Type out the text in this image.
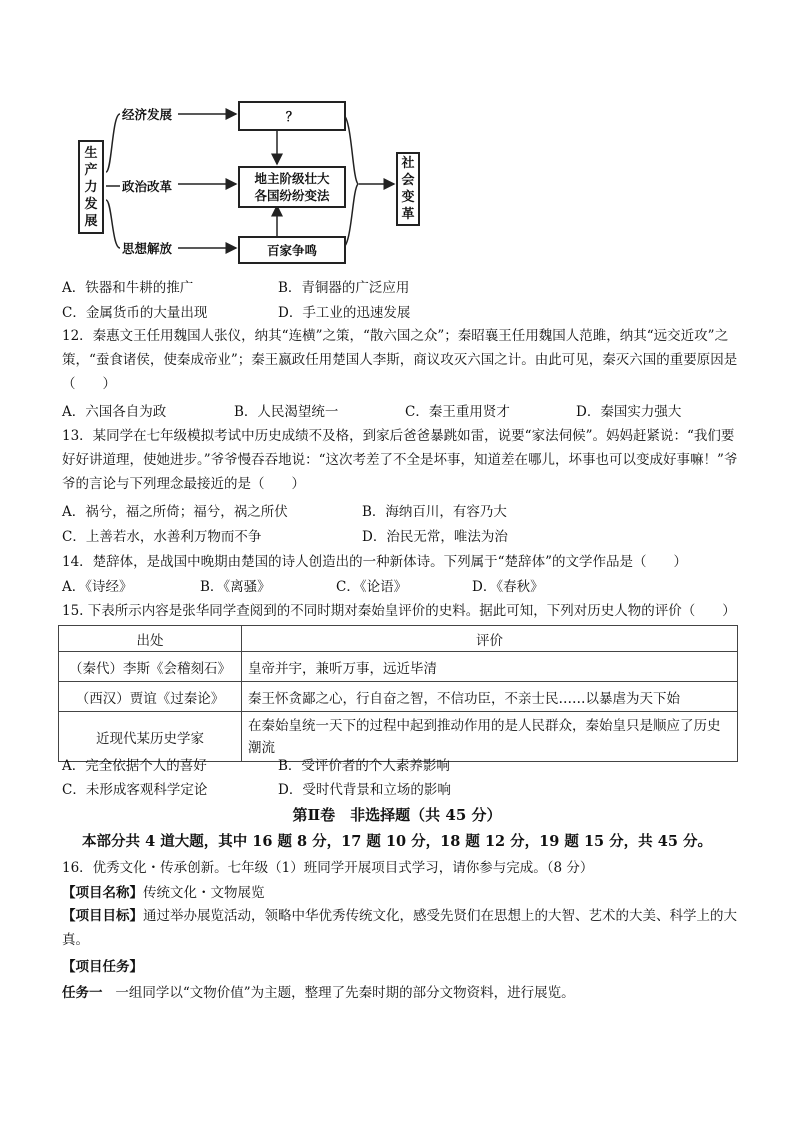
生
产
力
发
展
经济发展
政治改革
思想解放
？
地主阶级壮大
各国纷纷变法
百家争鸣
社
会
变
革
A．铁器和牛耕的推广	B．青铜器的广泛应用
C．金属货币的大量出现	D．手工业的迅速发展
12．秦惠文王任用魏国人张仪，纳其“连横”之策，“散六国之众”；秦昭襄王任用魏国人范雎，纳其“远交近攻”之策，“蚕食诸侯，使秦成帝业”；秦王嬴政任用楚国人李斯，商议攻灭六国之计。由此可见，秦灭六国的重要原因是（　　）
A．六国各自为政	B．人民渴望统一	C．秦王重用贤才	D．秦国实力强大
13．某同学在七年级模拟考试中历史成绩不及格，到家后爸爸暴跳如雷，说要“家法伺候”。妈妈赶紧说：“我们要好好讲道理，使她进步。”爷爷慢吞吞地说：“这次考差了不全是坏事，知道差在哪儿，坏事也可以变成好事嘛！”爷爷的言论与下列理念最接近的是（　　）
A．祸兮，福之所倚；福兮，祸之所伏	B．海纳百川，有容乃大
C．上善若水，水善利万物而不争	D．治民无常，唯法为治
14．楚辞体，是战国中晚期由楚国的诗人创造出的一种新体诗。下列属于“楚辞体”的文学作品是（　　）
A．《诗经》	B．《离骚》	C．《论语》	D．《春秋》
15. 下表所示内容是张华同学查阅到的不同时期对秦始皇评价的史料。据此可知，下列对历史人物的评价（　　）
出处	评价
（秦代）李斯《会稽刻石》	皇帝并宇，兼听万事，远近毕清
（西汉）贾谊《过秦论》	秦王怀贪鄙之心，行自奋之智，不信功臣，不亲士民……以暴虐为天下始
近现代某历史学家	在秦始皇统一天下的过程中起到推动作用的是人民群众，秦始皇只是顺应了历史潮流
A．完全依据个人的喜好	B．受评价者的个人素养影响
C．未形成客观科学定论	D．受时代背景和立场的影响
第Ⅱ卷　非选择题（共 45 分）
本部分共 4 道大题，其中 16 题 8 分，17 题 10 分，18 题 12 分，19 题 15 分，共 45 分。
16．优秀文化・传承创新。七年级（1）班同学开展项目式学习，请你参与完成。（8 分）
【项目名称】传统文化・文物展览
【项目目标】通过举办展览活动，领略中华优秀传统文化，感受先贤们在思想上的大智、艺术的大美、科学上的大真。
【项目任务】
任务一 一组同学以“文物价值”为主题，整理了先秦时期的部分文物资料，进行展览。
